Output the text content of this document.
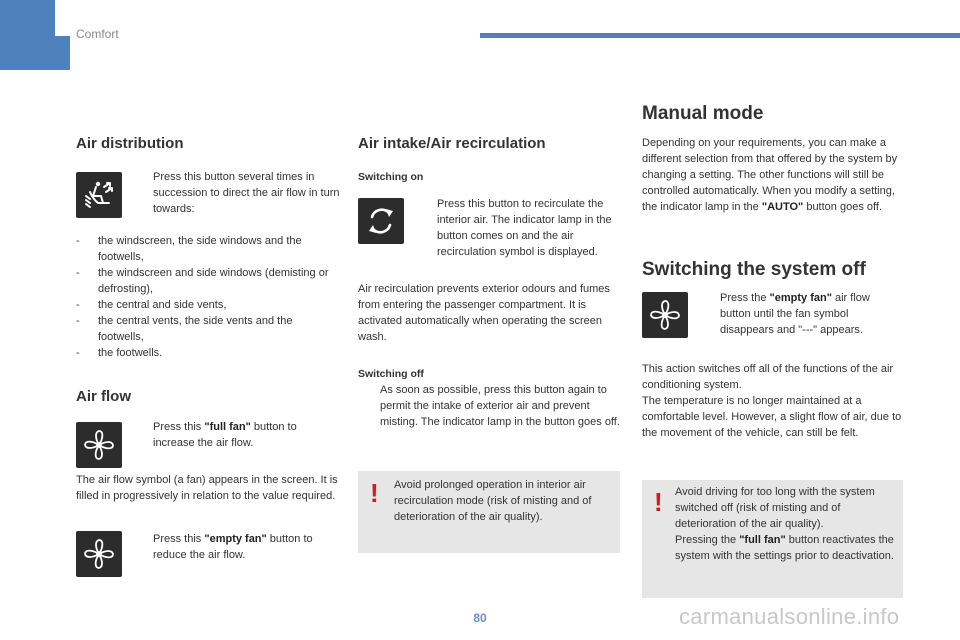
Comfort
Air distribution
Press this button several times in succession to direct the air flow in turn towards:
-	the windscreen, the side windows and the footwells,
-	the windscreen and side windows (demisting or defrosting),
-	the central and side vents,
-	the central vents, the side vents and the footwells,
-	the footwells.
Air flow
Press this "full fan" button to increase the air flow.
The air flow symbol (a fan) appears in the screen. It is filled in progressively in relation to the value required.
Press this "empty fan" button to reduce the air flow.
Air intake/Air recirculation
Switching on
Press this button to recirculate the interior air. The indicator lamp in the button comes on and the air recirculation symbol is displayed.
Air recirculation prevents exterior odours and fumes from entering the passenger compartment. It is activated automatically when operating the screen wash.
Switching off
As soon as possible, press this button again to permit the intake of exterior air and prevent misting. The indicator lamp in the button goes off.
! Avoid prolonged operation in interior air recirculation mode (risk of misting and of deterioration of the air quality).
Manual mode
Depending on your requirements, you can make a different selection from that offered by the system by changing a setting. The other functions will still be controlled automatically. When you modify a setting, the indicator lamp in the "AUTO" button goes off.
Switching the system off
Press the "empty fan" air flow button until the fan symbol disappears and "---" appears.
This action switches off all of the functions of the air conditioning system.
The temperature is no longer maintained at a comfortable level. However, a slight flow of air, due to the movement of the vehicle, can still be felt.
! Avoid driving for too long with the system switched off (risk of misting and of deterioration of the air quality).
Pressing the "full fan" button reactivates the system with the settings prior to deactivation.
80	carmanualsonline.info
